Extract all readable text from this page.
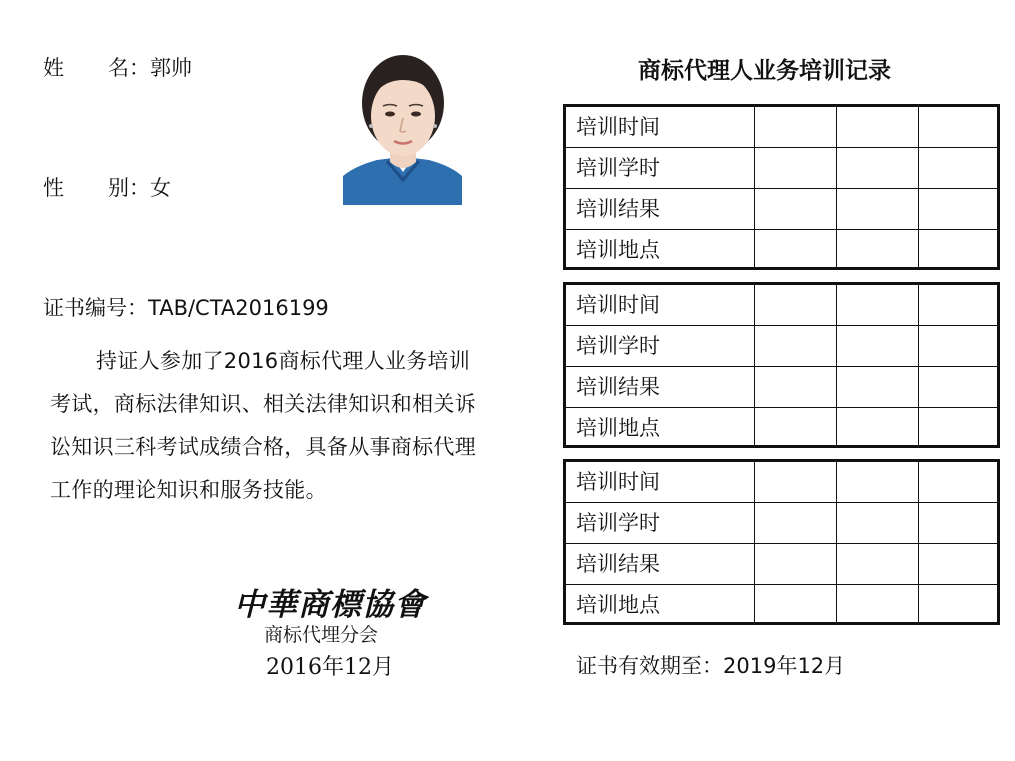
姓 名：郭帅
性 别：女
证书编号：TAB/CTA2016199
持证人参加了2016商标代理人业务培训考试，商标法律知识、相关法律知识和相关诉讼知识三科考试成绩合格，具备从事商标代理工作的理论知识和服务技能。
中華商標協會
商标代埋分会
2016年12月
商标代理人业务培训记录
培训时间
培训学时
培训结果
培训地点
培训时间
培训学时
培训结果
培训地点
培训时间
培训学时
培训结果
培训地点
证书有效期至：2019年12月
